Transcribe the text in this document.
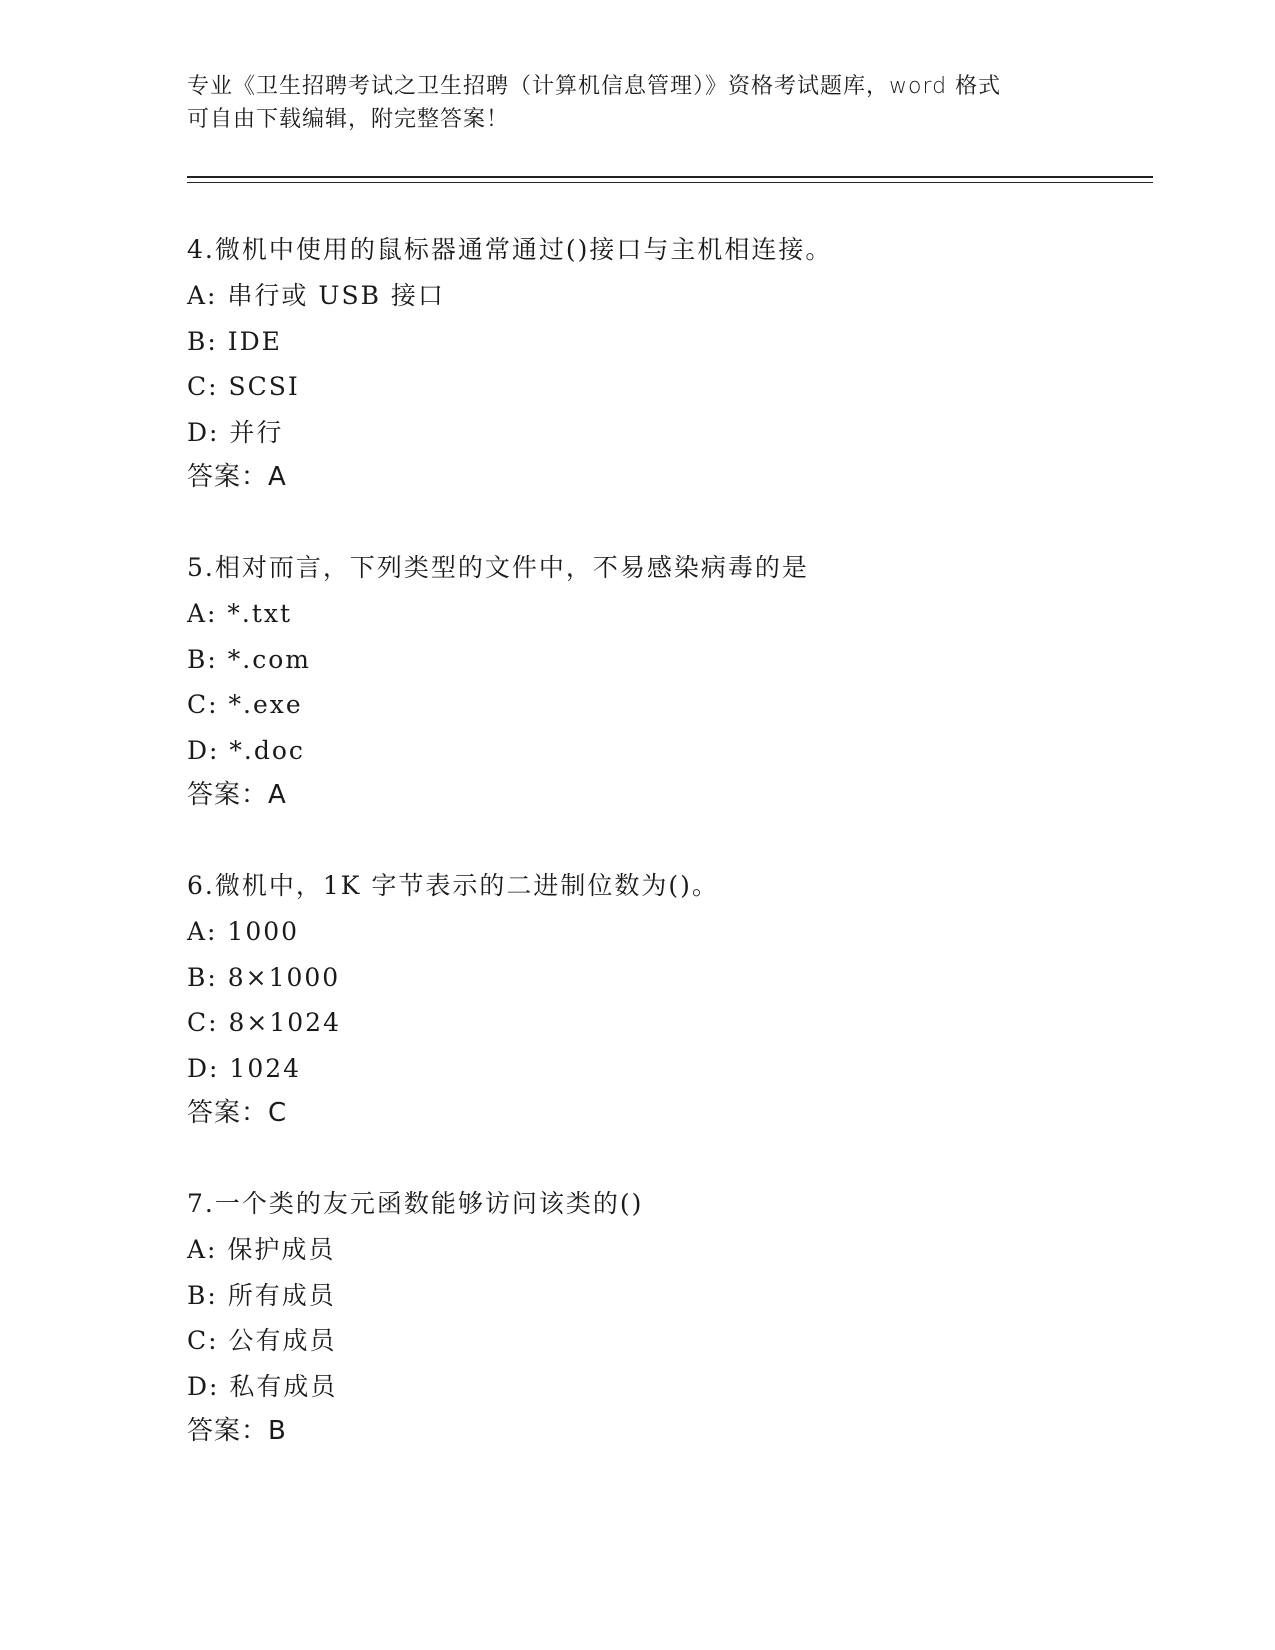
专业《卫生招聘考试之卫生招聘（计算机信息管理）》资格考试题库，word 格式
可自由下载编辑，附完整答案！
4.微机中使用的鼠标器通常通过()接口与主机相连接。
A: 串行或 USB 接口
B: IDE
C: SCSI
D: 并行
答案：A
5.相对而言，下列类型的文件中，不易感染病毒的是
A: *.txt
B: *.com
C: *.exe
D: *.doc
答案：A
6.微机中，1K 字节表示的二进制位数为()。
A: 1000
B: 8×1000
C: 8×1024
D: 1024
答案：C
7.一个类的友元函数能够访问该类的()
A: 保护成员
B: 所有成员
C: 公有成员
D: 私有成员
答案：B
